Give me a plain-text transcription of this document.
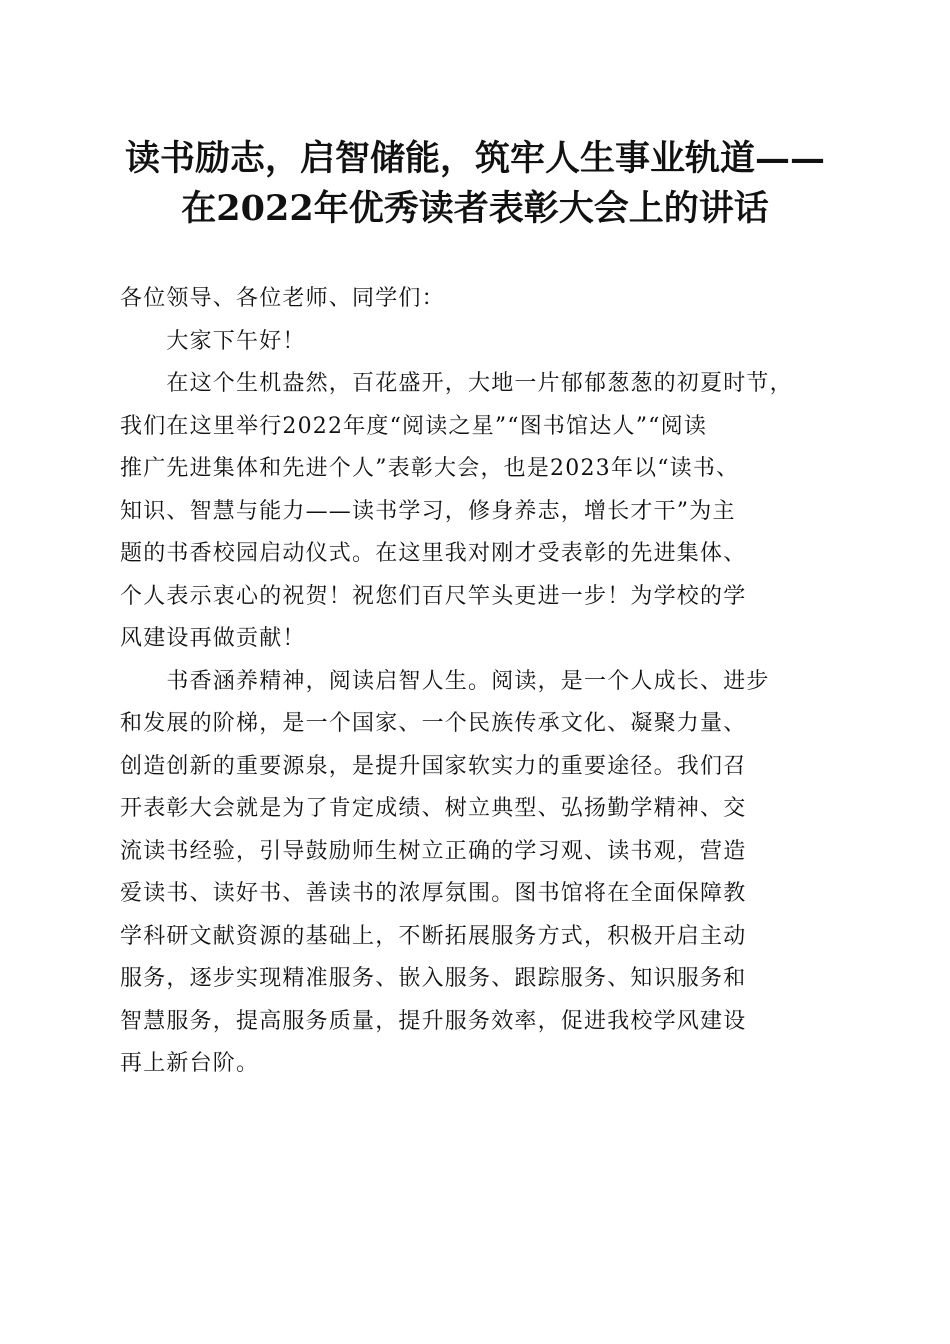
读书励志，启智储能，筑牢人生事业轨道——
在2022年优秀读者表彰大会上的讲话
各位领导、各位老师、同学们：
　　大家下午好！
　　在这个生机盎然，百花盛开，大地一片郁郁葱葱的初夏时节，
我们在这里举行2022年度“阅读之星”“图书馆达人”“阅读
推广先进集体和先进个人”表彰大会，也是2023年以“读书、
知识、智慧与能力——读书学习，修身养志，增长才干”为主
题的书香校园启动仪式。在这里我对刚才受表彰的先进集体、
个人表示衷心的祝贺！祝您们百尺竿头更进一步！为学校的学
风建设再做贡献！
　　书香涵养精神，阅读启智人生。阅读，是一个人成长、进步
和发展的阶梯，是一个国家、一个民族传承文化、凝聚力量、
创造创新的重要源泉，是提升国家软实力的重要途径。我们召
开表彰大会就是为了肯定成绩、树立典型、弘扬勤学精神、交
流读书经验，引导鼓励师生树立正确的学习观、读书观，营造
爱读书、读好书、善读书的浓厚氛围。图书馆将在全面保障教
学科研文献资源的基础上，不断拓展服务方式，积极开启主动
服务，逐步实现精准服务、嵌入服务、跟踪服务、知识服务和
智慧服务，提高服务质量，提升服务效率，促进我校学风建设
再上新台阶。
